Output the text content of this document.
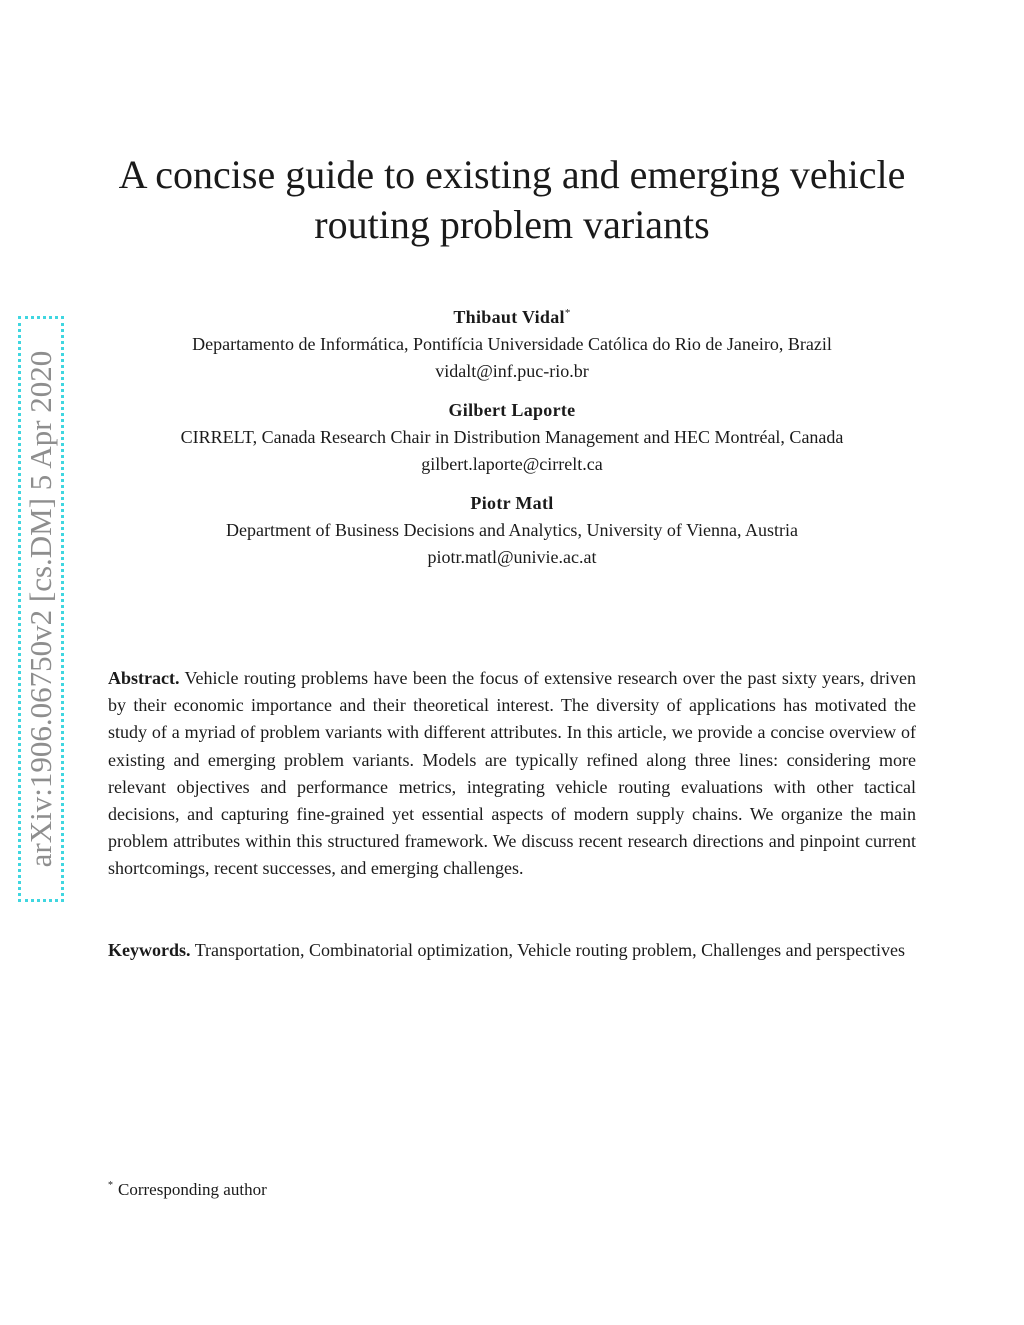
arXiv:1906.06750v2 [cs.DM] 5 Apr 2020
A concise guide to existing and emerging vehicle
routing problem variants
Thibaut Vidal*
Departamento de Informática, Pontifícia Universidade Católica do Rio de Janeiro, Brazil
vidalt@inf.puc-rio.br
Gilbert Laporte
CIRRELT, Canada Research Chair in Distribution Management and HEC Montréal, Canada
gilbert.laporte@cirrelt.ca
Piotr Matl
Department of Business Decisions and Analytics, University of Vienna, Austria
piotr.matl@univie.ac.at

Abstract. Vehicle routing problems have been the focus of extensive research over the past sixty years, driven by their economic importance and their theoretical interest. The diversity of applications has motivated the study of a myriad of problem variants with different attributes. In this article, we provide a concise overview of existing and emerging problem variants. Models are typically refined along three lines: considering more relevant objectives and performance metrics, integrating vehicle routing evaluations with other tactical decisions, and capturing fine-grained yet essential aspects of modern supply chains. We organize the main problem attributes within this structured framework. We discuss recent research directions and pinpoint current shortcomings, recent successes, and emerging challenges.

Keywords. Transportation, Combinatorial optimization, Vehicle routing problem, Challenges and perspectives

* Corresponding author
